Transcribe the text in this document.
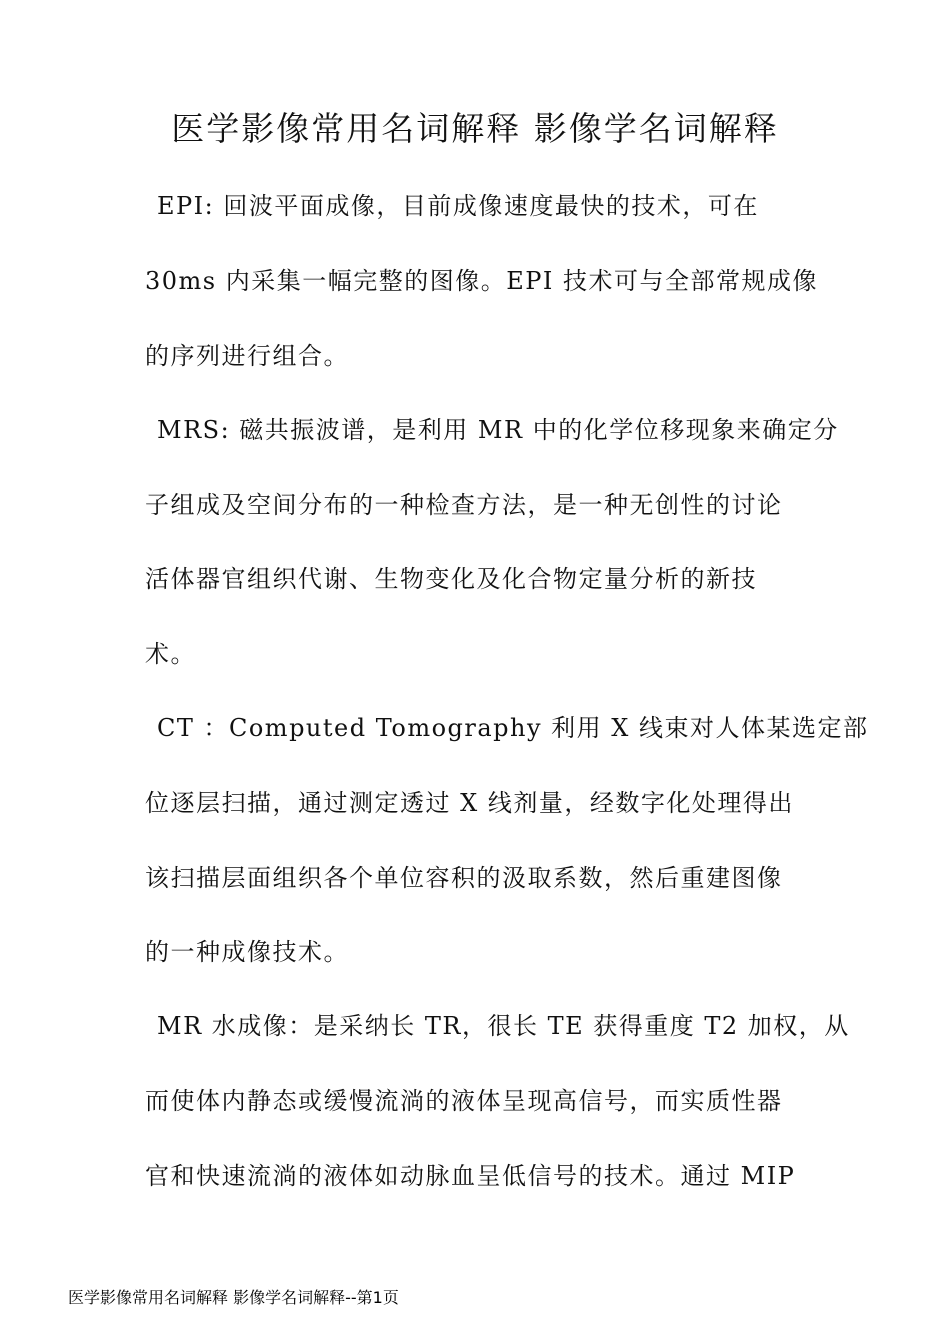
医学影像常用名词解释 影像学名词解释

EPI: 回波平面成像，目前成像速度最快的技术，可在

30ms 内采集一幅完整的图像。EPI 技术可与全部常规成像

的序列进行组合。

MRS: 磁共振波谱，是利用 MR 中的化学位移现象来确定分

子组成及空间分布的一种检查方法，是一种无创性的讨论

活体器官组织代谢、生物变化及化合物定量分析的新技

术。

CT ：Computed Tomography 利用 X 线束对人体某选定部

位逐层扫描，通过测定透过 X 线剂量，经数字化处理得出

该扫描层面组织各个单位容积的汲取系数，然后重建图像

的一种成像技术。

MR 水成像：是采纳长 TR，很长 TE 获得重度 T2 加权，从

而使体内静态或缓慢流淌的液体呈现高信号，而实质性器

官和快速流淌的液体如动脉血呈低信号的技术。通过 MIP

医学影像常用名词解释 影像学名词解释--第1页
